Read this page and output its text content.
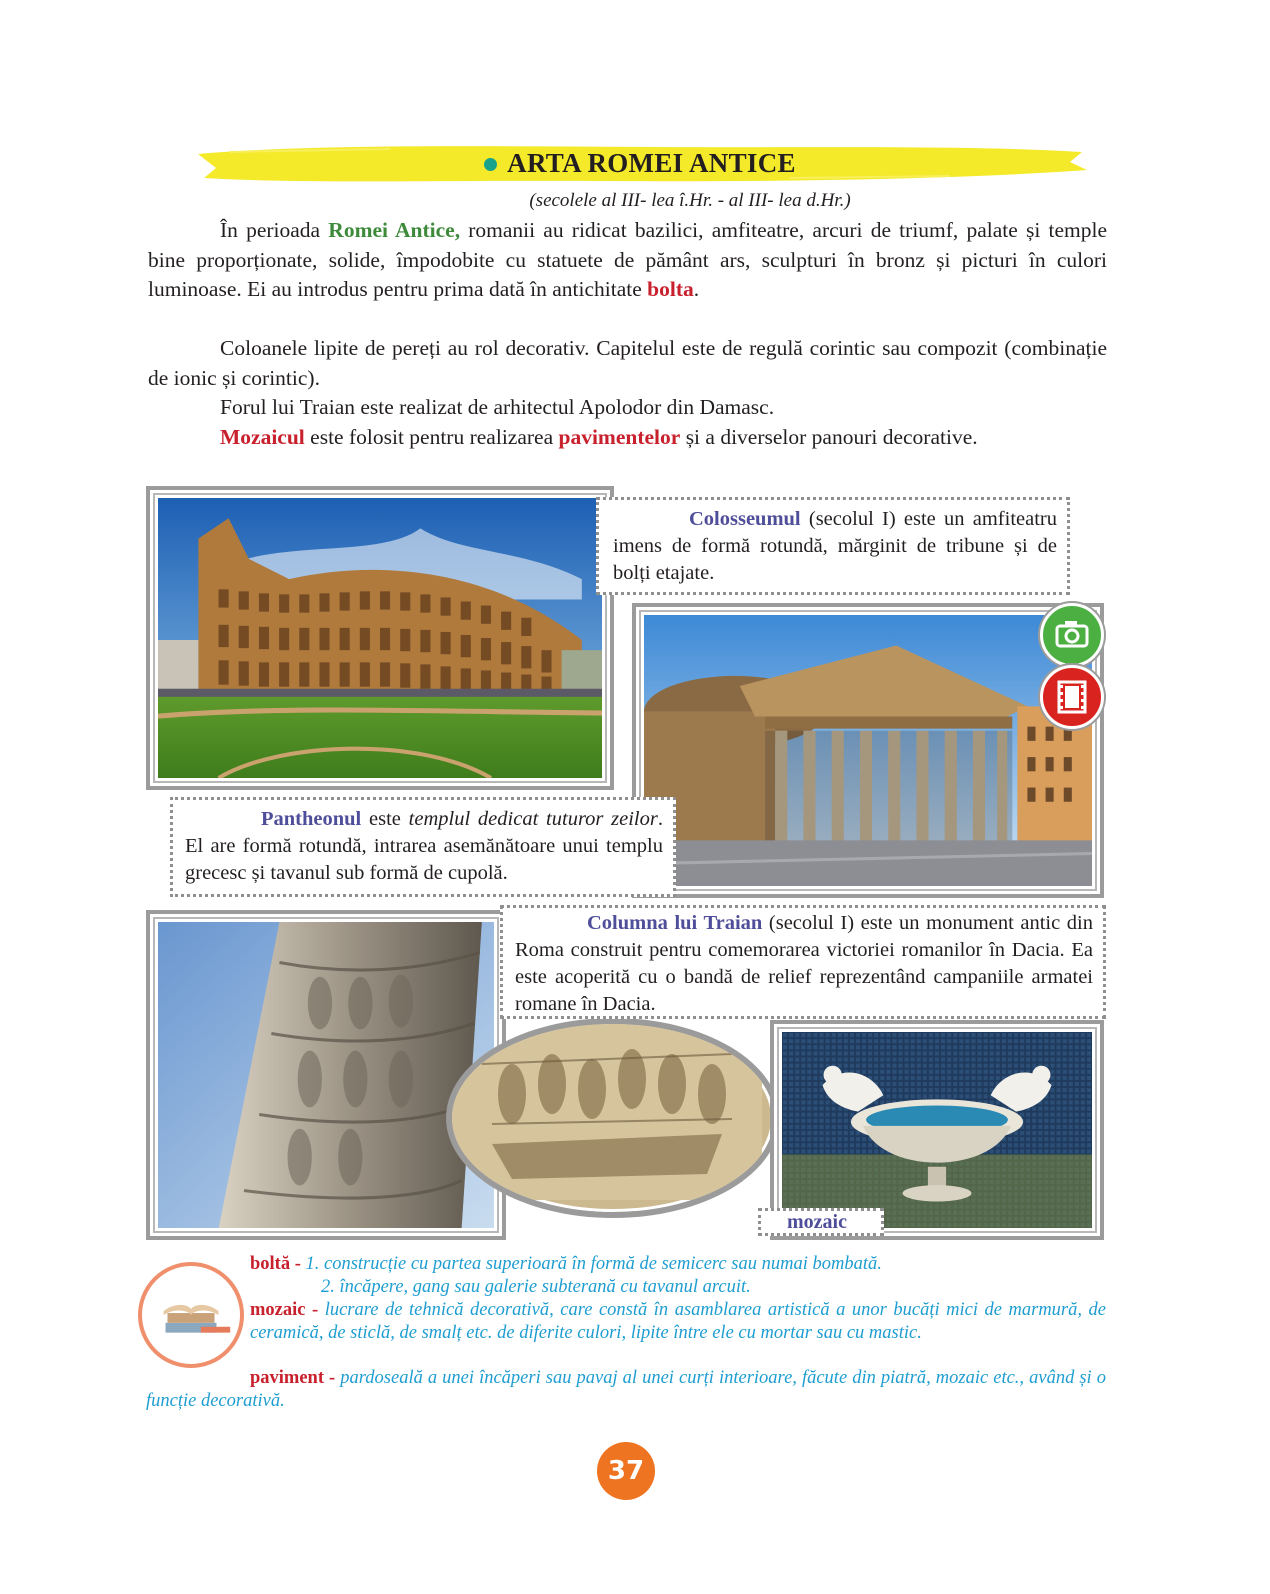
ARTA ROMEI ANTICE
(secolele al III- lea î.Hr. - al III- lea d.Hr.)
În perioada Romei Antice, romanii au ridicat bazilici, amfiteatre, arcuri de triumf, palate și temple bine proporționate, solide, împodobite cu statuete de pământ ars, sculpturi în bronz și picturi în culori luminoase. Ei au introdus pentru prima dată în antichitate bolta.
Coloanele lipite de pereți au rol decorativ. Capitelul este de regulă corintic sau compozit (combinație de ionic și corintic).
Forul lui Traian este realizat de arhitectul Apolodor din Damasc.
Mozaicul este folosit pentru realizarea pavimentelor și a diverselor panouri decorative.
Colosseumul (secolul I) este un amfiteatru imens de formă rotundă, mărginit de tribune și de bolți etajate.
Pantheonul este templul dedicat tuturor zeilor. El are formă rotundă, intrarea asemănătoare unui templu grecesc și tavanul sub formă de cupolă.
Columna lui Traian (secolul I) este un monument antic din Roma construit pentru comemorarea victoriei romanilor în Dacia. Ea este acoperită cu o bandă de relief reprezentând campaniile armatei romane în Dacia.
mozaic
boltă - 1. construcție cu partea superioară în formă de semicerc sau numai bombată.
2. încăpere, gang sau galerie subterană cu tavanul arcuit.
mozaic - lucrare de tehnică decorativă, care constă în asamblarea artistică a unor bucăți mici de marmură, de ceramică, de sticlă, de smalț etc. de diferite culori, lipite între ele cu mortar sau cu mastic.
paviment - pardoseală a unei încăperi sau pavaj al unei curți interioare, făcute din piatră, mozaic etc., având și o funcție decorativă.
37
